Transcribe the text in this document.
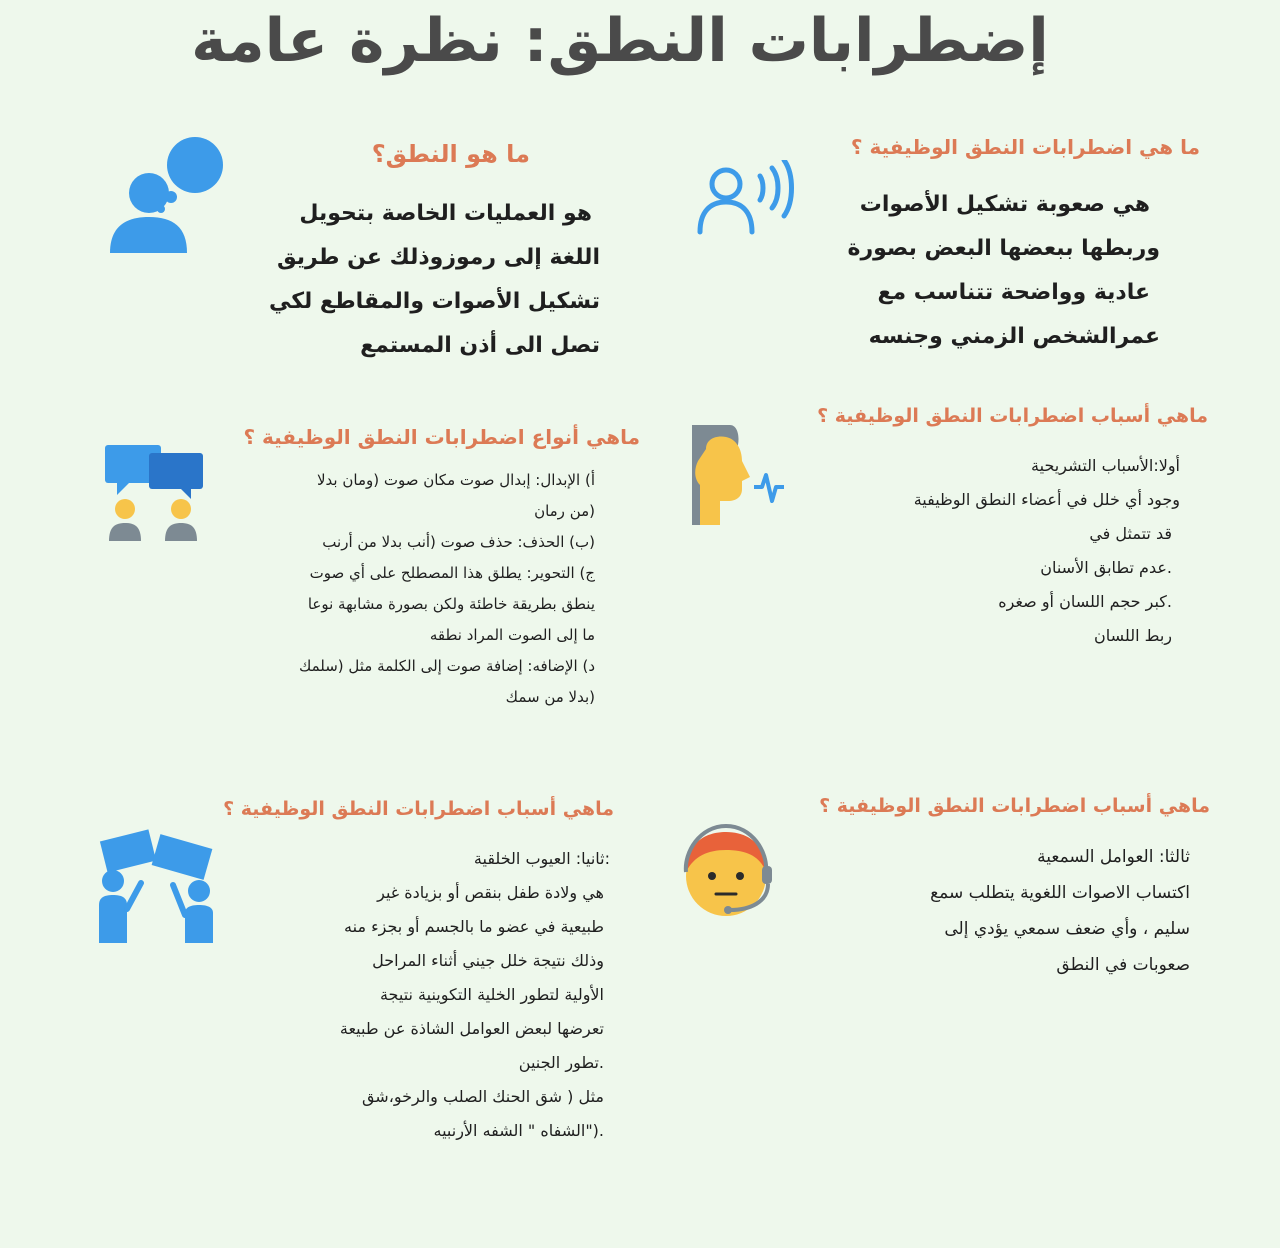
إضطرابات النطق: نظرة عامة
ما هو النطق؟
هو العمليات الخاصة بتحويل
اللغة إلى رموزوذلك عن طريق
تشكيل الأصوات والمقاطع لكي
تصل الى أذن المستمع
ما هي اضطرابات النطق الوظيفية ؟
هي صعوبة تشكيل الأصوات
وربطها ببعضها البعض بصورة
عادية وواضحة تتناسب مع
عمرالشخص الزمني وجنسه
ماهي أنواع اضطرابات النطق الوظيفية ؟
أ) الإبدال: إبدال صوت مكان صوت (ومان بدلا
(من رمان
(ب) الحذف: حذف صوت (أنب بدلا من أرنب
ج) التحوير: يطلق هذا المصطلح على أي صوت
ينطق بطريقة خاطئة ولكن بصورة مشابهة نوعا
ما إلى الصوت المراد نطقه
د) الإضافه: إضافة صوت إلى الكلمة مثل (سلمك
(بدلا من سمك
ماهي أسباب اضطرابات النطق الوظيفية ؟
أولا:الأسباب التشريحية
وجود أي خلل في أعضاء النطق الوظيفية
قد تتمثل في
.عدم تطابق الأسنان
.كبر حجم اللسان أو صغره
ربط اللسان
ماهي أسباب اضطرابات النطق الوظيفية ؟
:ثانيا: العيوب الخلقية
هي ولادة طفل بنقص أو بزيادة غير
طبيعية في عضو ما بالجسم أو بجزء منه
وذلك نتيجة خلل جيني أثناء المراحل
الأولية لتطور الخلية التكوينية نتيجة
تعرضها لبعض العوامل الشاذة عن طبيعة
.تطور الجنين
مثل ( شق الحنك الصلب والرخو،شق
.("الشفاه " الشفه الأرنبيه
ماهي أسباب اضطرابات النطق الوظيفية ؟
ثالثا: العوامل السمعية
اكتساب الاصوات اللغوية يتطلب سمع
سليم ، وأي ضعف سمعي يؤدي إلى
صعوبات في النطق
